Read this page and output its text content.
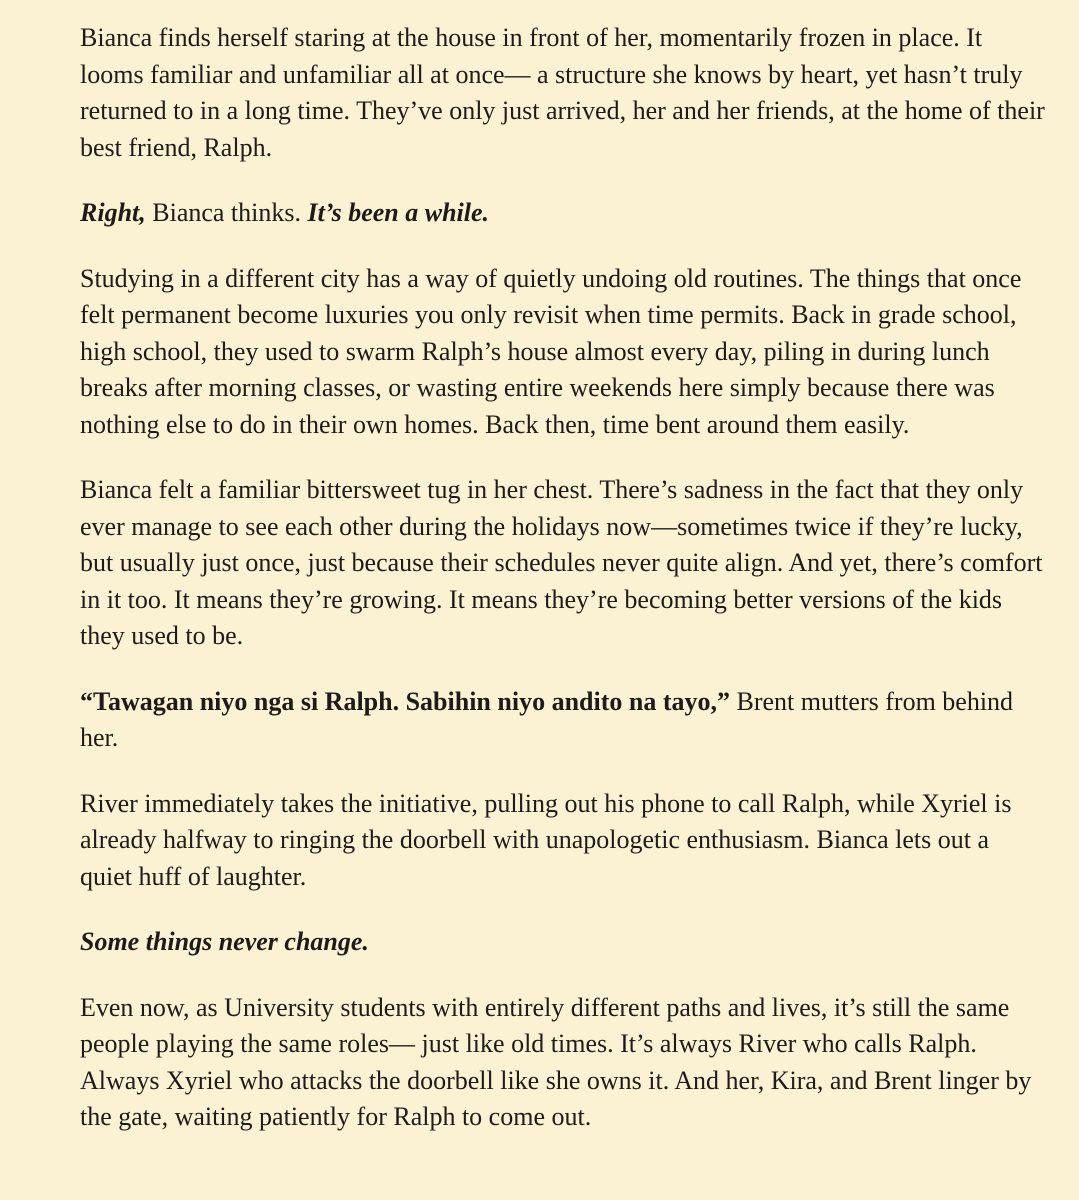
Bianca finds herself staring at the house in front of her, momentarily frozen in place. It looms familiar and unfamiliar all at once— a structure she knows by heart, yet hasn’t truly returned to in a long time. They’ve only just arrived, her and her friends, at the home of their best friend, Ralph.

Right, Bianca thinks. It’s been a while.

Studying in a different city has a way of quietly undoing old routines. The things that once felt permanent become luxuries you only revisit when time permits. Back in grade school, high school, they used to swarm Ralph’s house almost every day, piling in during lunch breaks after morning classes, or wasting entire weekends here simply because there was nothing else to do in their own homes. Back then, time bent around them easily.

Bianca felt a familiar bittersweet tug in her chest. There’s sadness in the fact that they only ever manage to see each other during the holidays now—sometimes twice if they’re lucky, but usually just once, just because their schedules never quite align. And yet, there’s comfort in it too. It means they’re growing. It means they’re becoming better versions of the kids they used to be.

“Tawagan niyo nga si Ralph. Sabihin niyo andito na tayo,” Brent mutters from behind her.

River immediately takes the initiative, pulling out his phone to call Ralph, while Xyriel is already halfway to ringing the doorbell with unapologetic enthusiasm. Bianca lets out a quiet huff of laughter.

Some things never change.

Even now, as University students with entirely different paths and lives, it’s still the same people playing the same roles— just like old times. It’s always River who calls Ralph. Always Xyriel who attacks the doorbell like she owns it. And her, Kira, and Brent linger by the gate, waiting patiently for Ralph to come out.
